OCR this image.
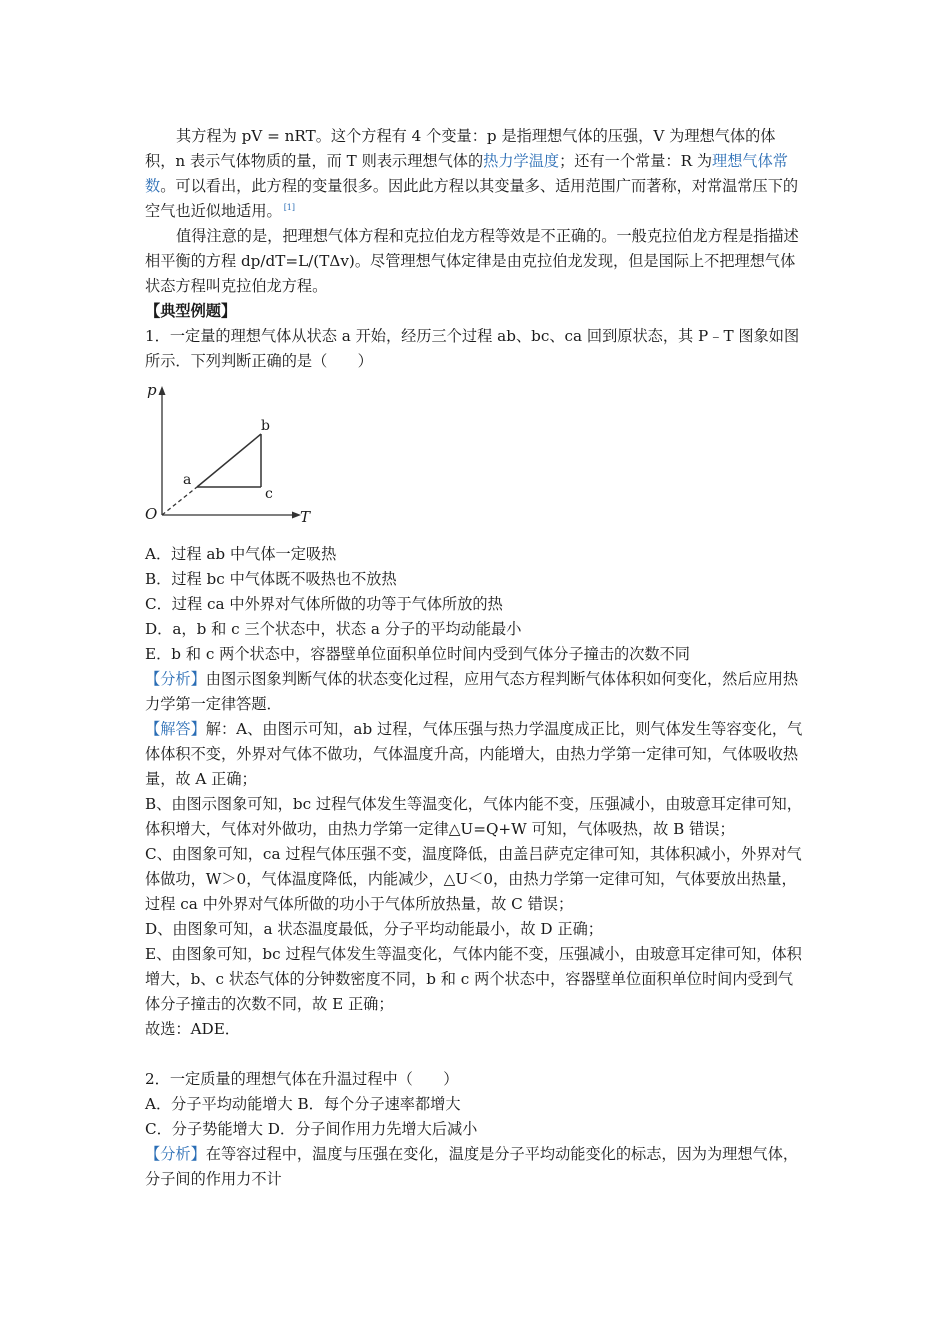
其方程为 pV = nRT。这个方程有 4 个变量：p 是指理想气体的压强，V 为理想气体的体积，n 表示气体物质的量，而 T 则表示理想气体的热力学温度；还有一个常量：R 为理想气体常数。可以看出，此方程的变量很多。因此此方程以其变量多、适用范围广而著称，对常温常压下的空气也近似地适用。 [1]

值得注意的是，把理想气体方程和克拉伯龙方程等效是不正确的。一般克拉伯龙方程是指描述相平衡的方程 dp/dT=L/(TΔv)。尽管理想气体定律是由克拉伯龙发现，但是国际上不把理想气体状态方程叫克拉伯龙方程。

【典型例题】

1．一定量的理想气体从状态 a 开始，经历三个过程 ab、bc、ca 回到原状态，其 P﹣T 图象如图所示．下列判断正确的是（　　）

p
T
O
a
b
c

A．过程 ab 中气体一定吸热

B．过程 bc 中气体既不吸热也不放热

C．过程 ca 中外界对气体所做的功等于气体所放的热

D．a，b 和 c 三个状态中，状态 a 分子的平均动能最小

E．b 和 c 两个状态中，容器壁单位面积单位时间内受到气体分子撞击的次数不同

【分析】由图示图象判断气体的状态变化过程，应用气态方程判断气体体积如何变化，然后应用热力学第一定律答题．

【解答】解：A、由图示可知，ab 过程，气体压强与热力学温度成正比，则气体发生等容变化，气体体积不变，外界对气体不做功，气体温度升高，内能增大，由热力学第一定律可知，气体吸收热量，故 A 正确；

B、由图示图象可知，bc 过程气体发生等温变化，气体内能不变，压强减小，由玻意耳定律可知，体积增大，气体对外做功，由热力学第一定律△U=Q+W 可知，气体吸热，故 B 错误；

C、由图象可知，ca 过程气体压强不变，温度降低，由盖吕萨克定律可知，其体积减小，外界对气体做功，W＞0，气体温度降低，内能减少，△U＜0，由热力学第一定律可知，气体要放出热量，过程 ca 中外界对气体所做的功小于气体所放热量，故 C 错误；

D、由图象可知，a 状态温度最低，分子平均动能最小，故 D 正确；

E、由图象可知，bc 过程气体发生等温变化，气体内能不变，压强减小，由玻意耳定律可知，体积增大，b、c 状态气体的分钟数密度不同，b 和 c 两个状态中，容器壁单位面积单位时间内受到气体分子撞击的次数不同，故 E 正确；

故选：ADE．

2．一定质量的理想气体在升温过程中（　　）

A．分子平均动能增大 B．每个分子速率都增大

C．分子势能增大 D．分子间作用力先增大后减小

【分析】在等容过程中，温度与压强在变化，温度是分子平均动能变化的标志，因为为理想气体，分子间的作用力不计
